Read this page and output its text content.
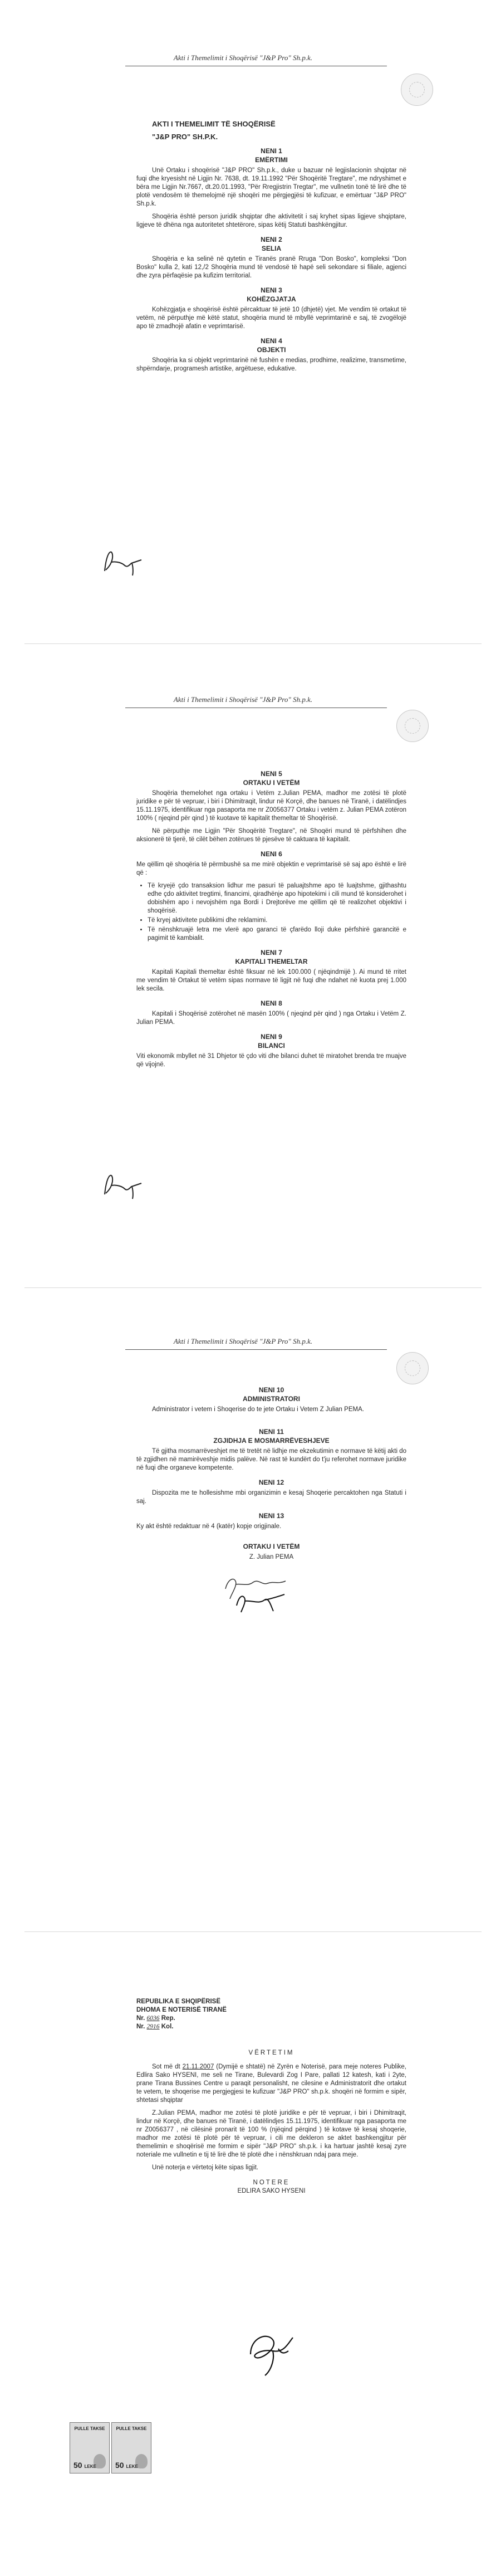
Akti i Themelimit i Shoqërisë "J&P Pro" Sh.p.k.

AKTI I THEMELIMIT TË SHOQËRISË

"J&P PRO" SH.P.K.

NENI 1
EMËRTIMI

Unë Ortaku i shoqërisë "J&P PRO" Sh.p.k., duke u bazuar në legjislacionin shqiptar në fuqi dhe kryesisht në Ligjin Nr. 7638, dt. 19.11.1992 "Për Shoqëritë Tregtare", me ndryshimet e bëra me Ligjin Nr.7667, dt.20.01.1993, "Për Rregjistrin Tregtar", me vullnetin tonë të lirë dhe të plotë vendosëm të themelojmë një shoqëri me përgjegjësi të kufizuar, e emërtuar "J&P PRO" Sh.p.k.

Shoqëria është person juridik shqiptar dhe aktivitetit i saj kryhet sipas ligjeve shqiptare, ligjeve të dhëna nga autoritetet shtetërore, sipas këtij Statuti bashkëngjitur.

NENI 2
SELIA

Shoqëria e ka selinë në qytetin e Tiranës pranë Rruga "Don Bosko", kompleksi "Don Bosko" kulla 2, kati 12,/2 Shoqëria mund të vendosë të hapë seli sekondare si filiale, agjenci dhe zyra përfaqësie pa kufizim territorial.

NENI 3
KOHËZGJATJA

Kohëzgjatja e shoqërisë është përcaktuar të jetë 10 (dhjetë) vjet. Me vendim të ortakut të vetëm, në përputhje më këtë statut, shoqëria mund të mbyllë veprimtarinë e saj, të zvogëlojë apo të zmadhojë afatin e veprimtarisë.

NENI 4
OBJEKTI

Shoqëria ka si objekt veprimtarinë në fushën e medias, prodhime, realizime, transmetime, shpërndarje, programesh artistike, argëtuese, edukative.

Akti i Themelimit i Shoqërisë "J&P Pro" Sh.p.k.
NENI 5
ORTAKU I VETËM

Shoqëria themelohet nga ortaku i Vetëm z.Julian PEMA, madhor me zotësi të plotë juridike e për të vepruar, i biri i Dhimitraqit, lindur në Korçë, dhe banues në Tiranë, i datëlindjes 15.11.1975, identifikuar nga pasaporta me nr Z0056377 Ortaku i vetëm z. Julian PEMA zotëron 100% ( njeqind për qind ) të kuotave të kapitalit themeltar të Shoqërisë.

Në përputhje me Ligjin "Për Shoqëritë Tregtare", në Shoqëri mund të përfshihen dhe aksionerë të tjerë, të cilët bëhen zotërues të pjesëve të caktuara të kapitalit.

NENI 6

Me qëllim që shoqëria të përmbushë sa me mirë objektin e veprimtarisë së saj apo është e lirë që :

• Të kryejë çdo transaksion lidhur me pasuri të paluajtshme apo të luajtshme, gjithashtu edhe çdo aktivitet tregtimi, financimi, qiradhënje apo hipotekimi i cili mund të konsiderohet i dobishëm apo i nevojshëm nga Bordi i Drejtorëve me qëllim që të realizohet objektivi i shoqërisë.
• Të kryej aktivitete publikimi dhe reklamimi.
• Të nënshkruajë letra me vlerë apo garanci të çfarëdo lloji duke përfshirë garancitë e pagimit të kambialit.
NENI 7
KAPITALI THEMELTAR

Kapitali Kapitali themeltar është fiksuar në lek 100.000 ( njëqindmijë ). Ai mund të rritet me vendim të Ortakut të vetëm sipas normave të ligjit në fuqi dhe ndahet në kuota prej 1.000 lek secila.

NENI 8

Kapitali i Shoqërisë zotërohet në masën 100% ( njeqind për qind ) nga Ortaku i Vetëm Z. Julian PEMA.

NENI 9
BILANCI

Viti ekonomik mbyllet në 31 Dhjetor të çdo viti dhe bilanci duhet të miratohet brenda tre muajve që vijojnë.

Akti i Themelimit i Shoqërisë "J&P Pro" Sh.p.k.
NENI 10
ADMINISTRATORI

Administrator i vetem i Shoqerise do te jete Ortaku i Vetem Z Julian PEMA.

NENI 11
ZGJIDHJA E MOSMARRËVESHJEVE

Të gjitha mosmarrëveshjet me të tretët në lidhje me ekzekutimin e normave të këtij akti do të zgjidhen në mamirëveshje midis palëve. Në rast të kundërt do t'ju referohet normave juridike në fuqi dhe organeve kompetente.

NENI 12

Dispozita me te hollesishme mbi organizimin e kesaj Shoqerie percaktohen nga Statuti i saj.

NENI 13

Ky akt është redaktuar në 4 (katër) kopje origjinale.

ORTAKU I VETËM
Z. Julian PEMA
REPUBLIKA E SHQIPËRISË
DHOMA E NOTERISË TIRANË
Nr. 6036 Rep.
Nr. 2916 Kol.
VËRTETIM

Sot më dt 21.11.2007 (Dymijë e shtatë) në Zyrën e Noterisë, para meje noteres Publike, Edlira Sako HYSENI, me seli ne Tirane, Bulevardi Zog I Pare, pallati 12 katesh, kati i 2yte, prane Tirana Bussines Centre u paraqit personalisht, ne cilesine e Administratorit dhe ortakut te vetem, te shoqerise me pergjegjesi te kufizuar "J&P PRO" sh.p.k. shoqëri në formim e sipër, shtetasi shqiptar

Z.Julian PEMA, madhor me zotësi të plotë juridike e për të vepruar, i biri i Dhimitraqit, lindur në Korçë, dhe banues në Tiranë, i datëlindjes 15.11.1975, identifikuar nga pasaporta me nr Z0056377 , në cilësinë pronarit të 100 % (njëqind përqind ) të kotave të kesaj shoqerie, madhor me zotësi të plotë për të vepruar, i cili me dekleron se aktet bashkengjitur për themelimin e shoqërisë me formim e sipër "J&P PRO" sh.p.k. i ka hartuar jashtë kesaj zyre noteriale me vullnetin e tij të lirë dhe të plotë dhe i nënshkruan ndaj para meje.

Unë noterja e vërtetoj këte sipas ligjit.

NOTERE
EDLIRA SAKO HYSENI
PULLE TAKSE
50 LEKE
PULLE TAKSE
50 LEKE
